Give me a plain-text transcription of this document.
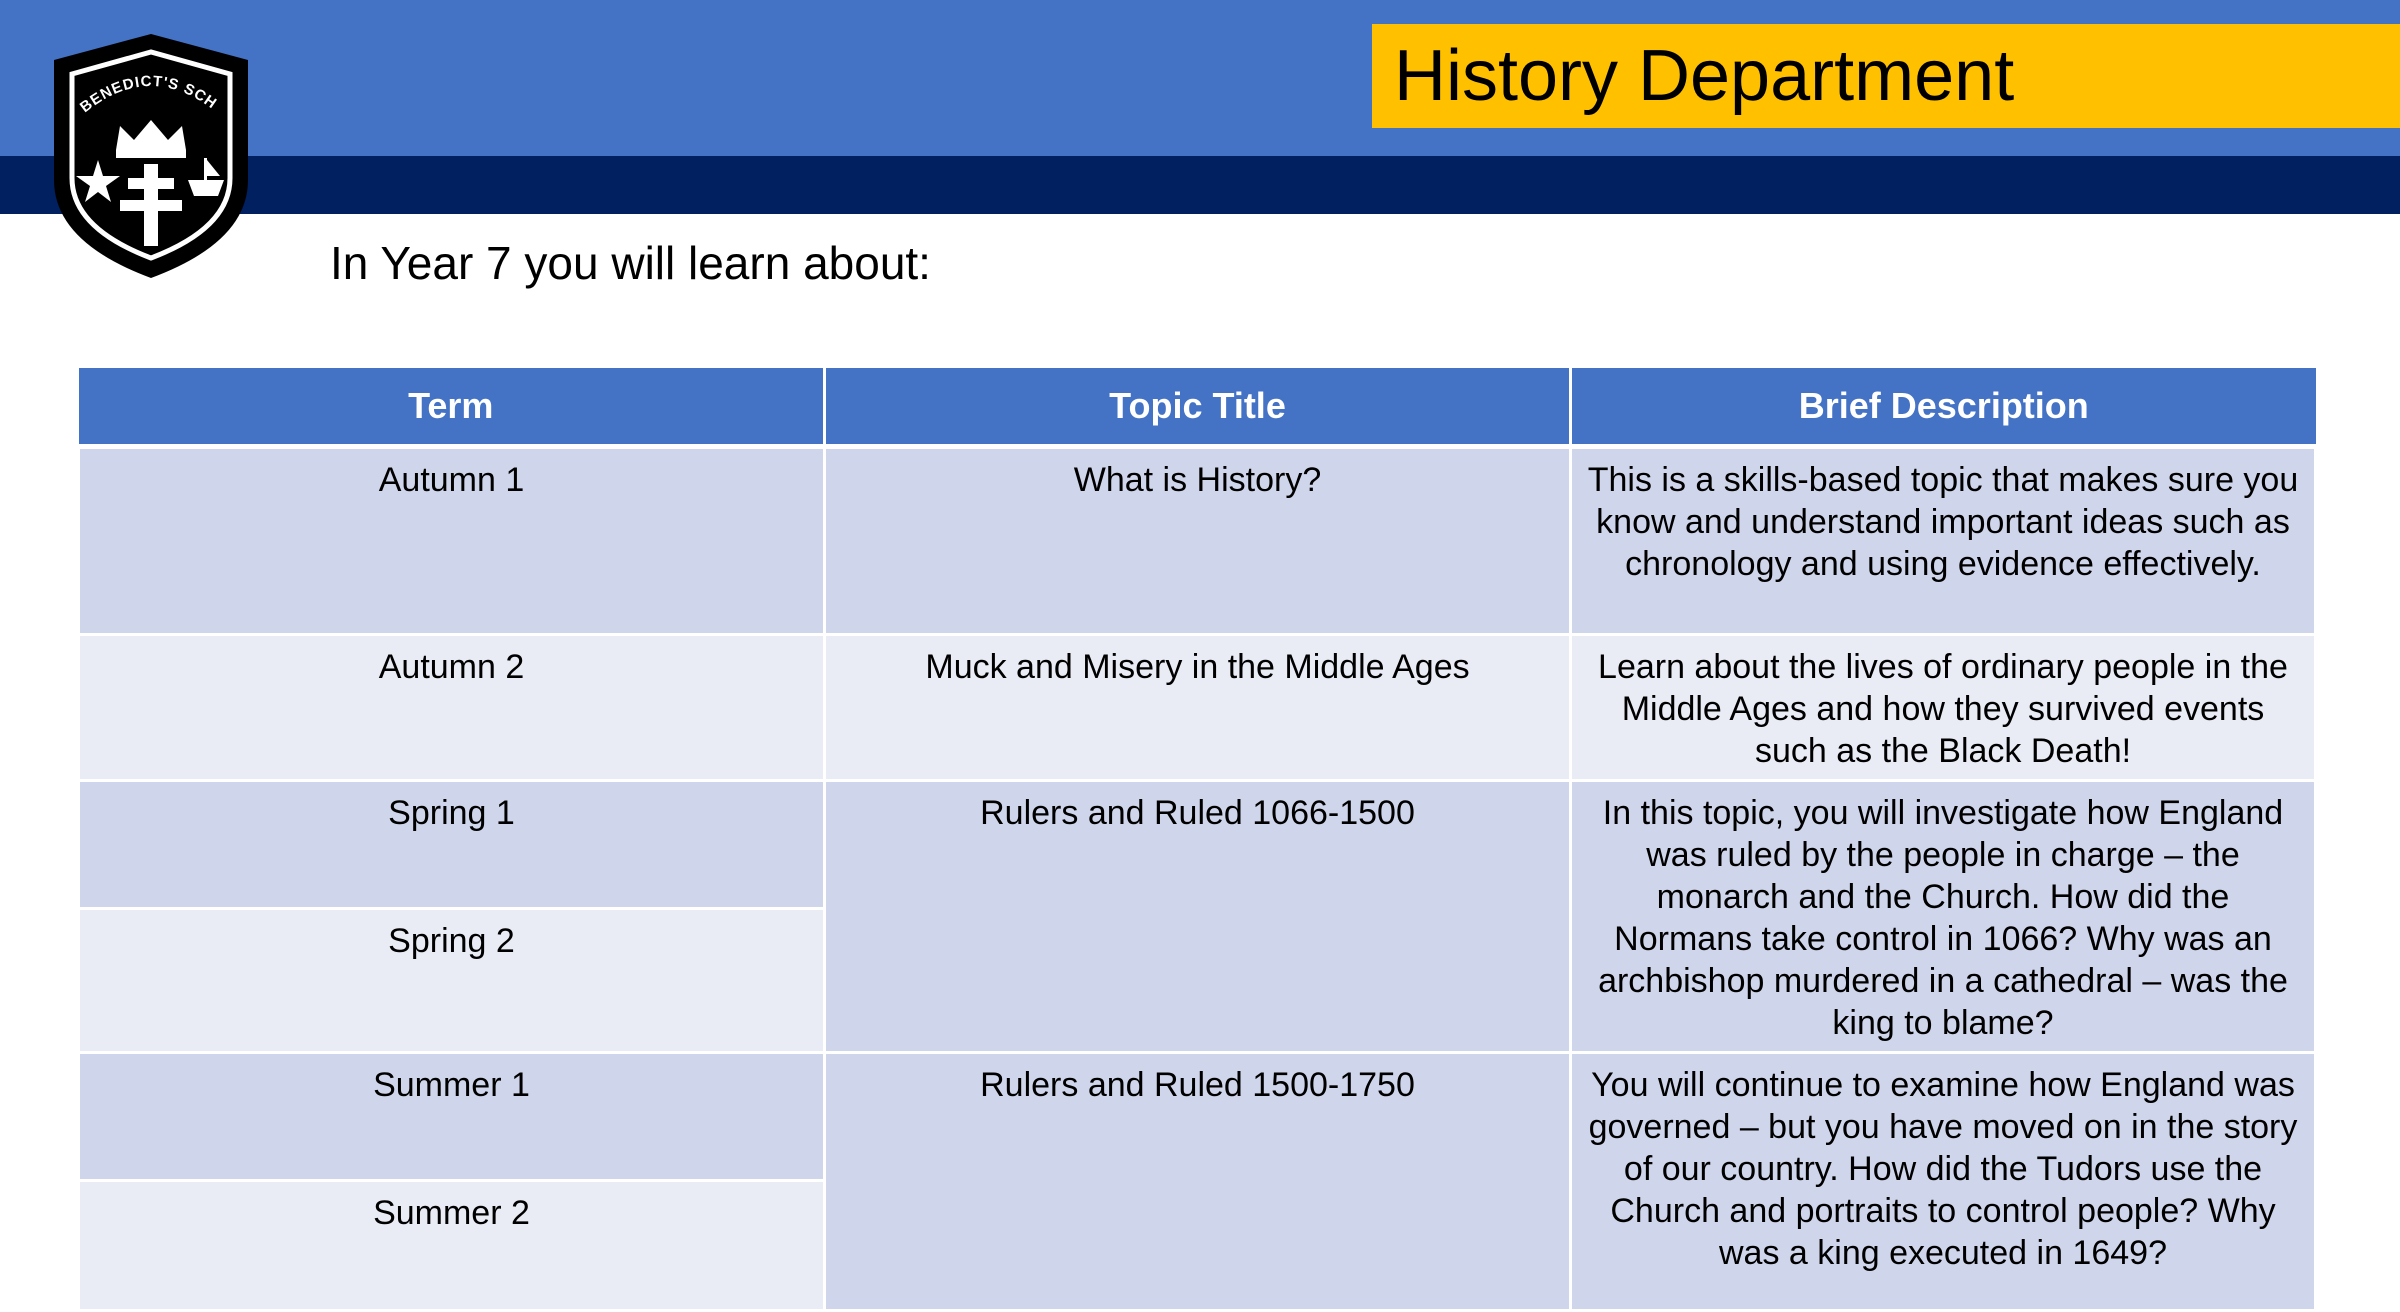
History Department
BENEDICT'S SCH
In Year 7 you will learn about:
Term	Topic Title	Brief Description
Autumn 1	What is History?	This is a skills-based topic that makes sure you know and understand important ideas such as chronology and using evidence effectively.
Autumn 2	Muck and Misery in the Middle Ages	Learn about the lives of ordinary people in the Middle Ages and how they survived events such as the Black Death!
Spring 1	Rulers and Ruled 1066-1500	In this topic, you will investigate how England was ruled by the people in charge – the monarch and the Church. How did the Normans take control in 1066? Why was an archbishop murdered in a cathedral – was the king to blame?
Spring 2		
Summer 1	Rulers and Ruled 1500-1750	You will continue to examine how England was governed – but you have moved on in the story of our country. How did the Tudors use the Church and portraits to control people? Why was a king executed in 1649?
Summer 2		
